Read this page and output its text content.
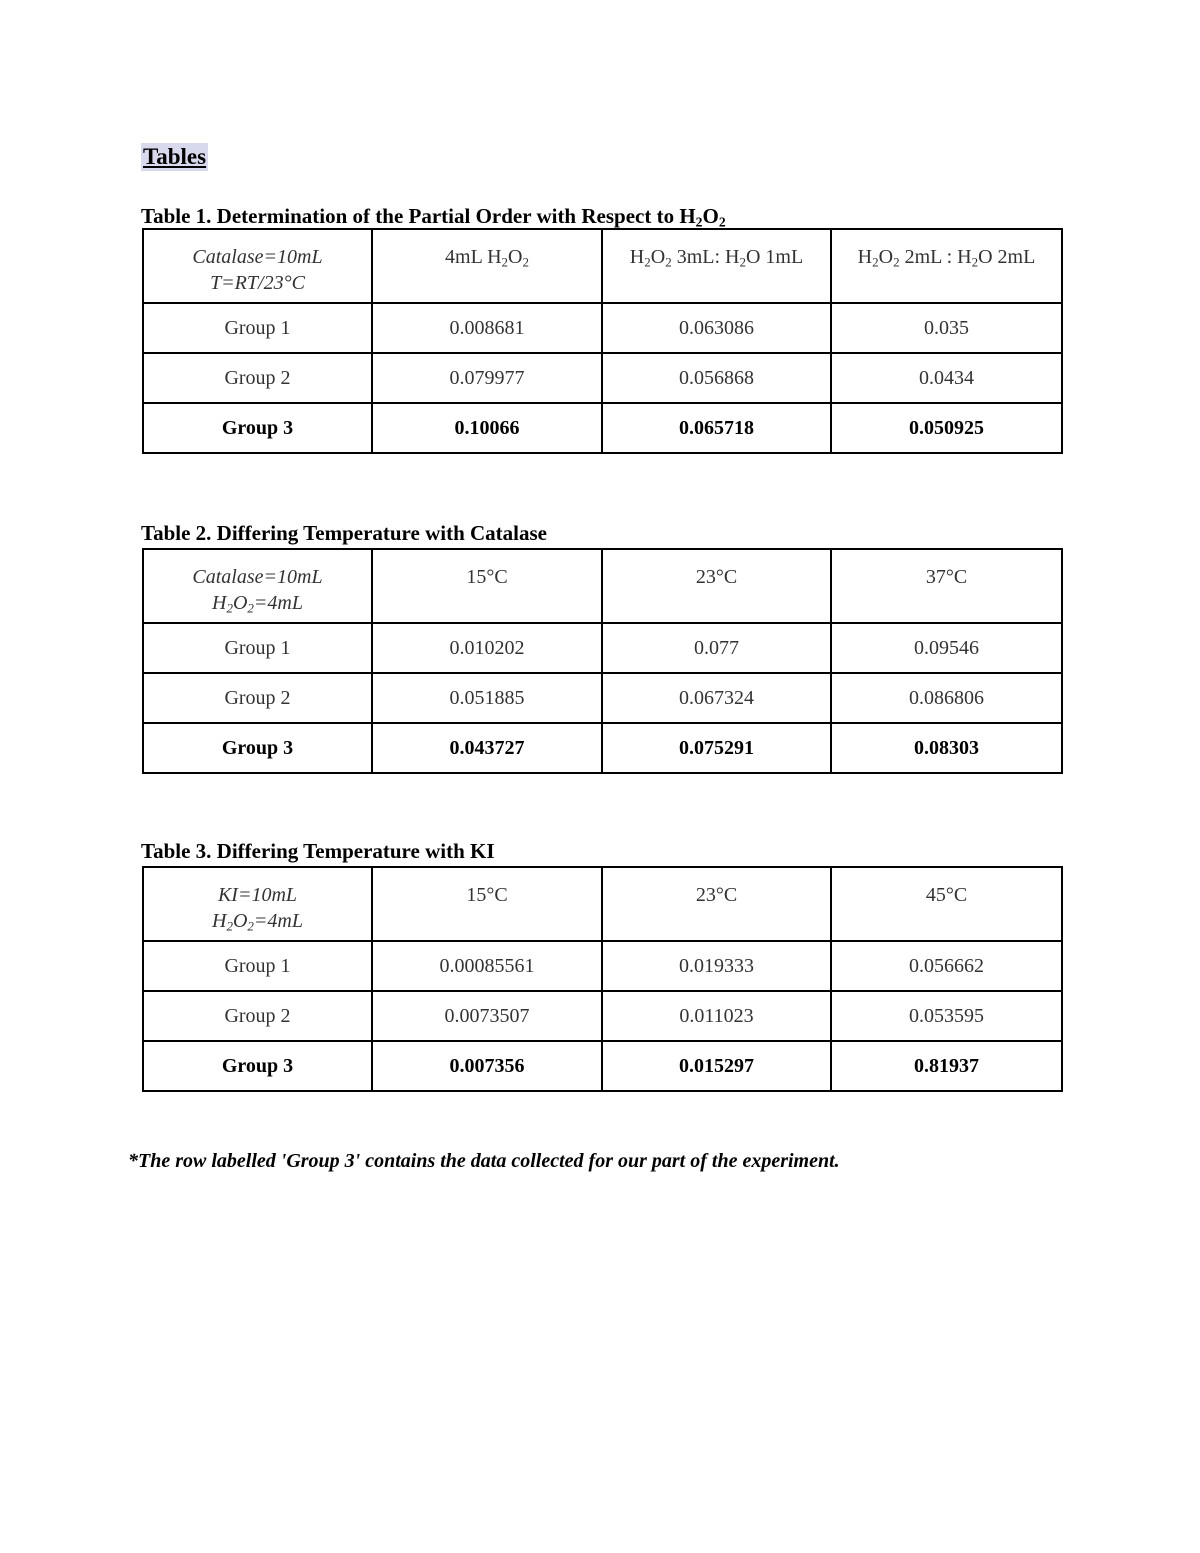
Tables
Table 1. Determination of the Partial Order with Respect to $H_2O_2$
Catalase=10mL
T=RT/23°C	4mL $H_2O_2$	$H_2O_2$ 3mL: $H_2O$ 1mL	$H_2O_2$ 2mL : $H_2O$ 2mL
Group 1	0.008681	0.063086	0.035
Group 2	0.079977	0.056868	0.0434
Group 3	0.10066	0.065718	0.050925
Table 2. Differing Temperature with Catalase
Catalase=10mL
$H_2O_2=4mL$	15°C	23°C	37°C
Group 1	0.010202	0.077	0.09546
Group 2	0.051885	0.067324	0.086806
Group 3	0.043727	0.075291	0.08303
Table 3. Differing Temperature with KI
KI=10mL
$H_2O_2=4mL$	15°C	23°C	45°C
Group 1	0.00085561	0.019333	0.056662
Group 2	0.0073507	0.011023	0.053595
Group 3	0.007356	0.015297	0.81937
*The row labelled 'Group 3' contains the data collected for our part of the experiment.
